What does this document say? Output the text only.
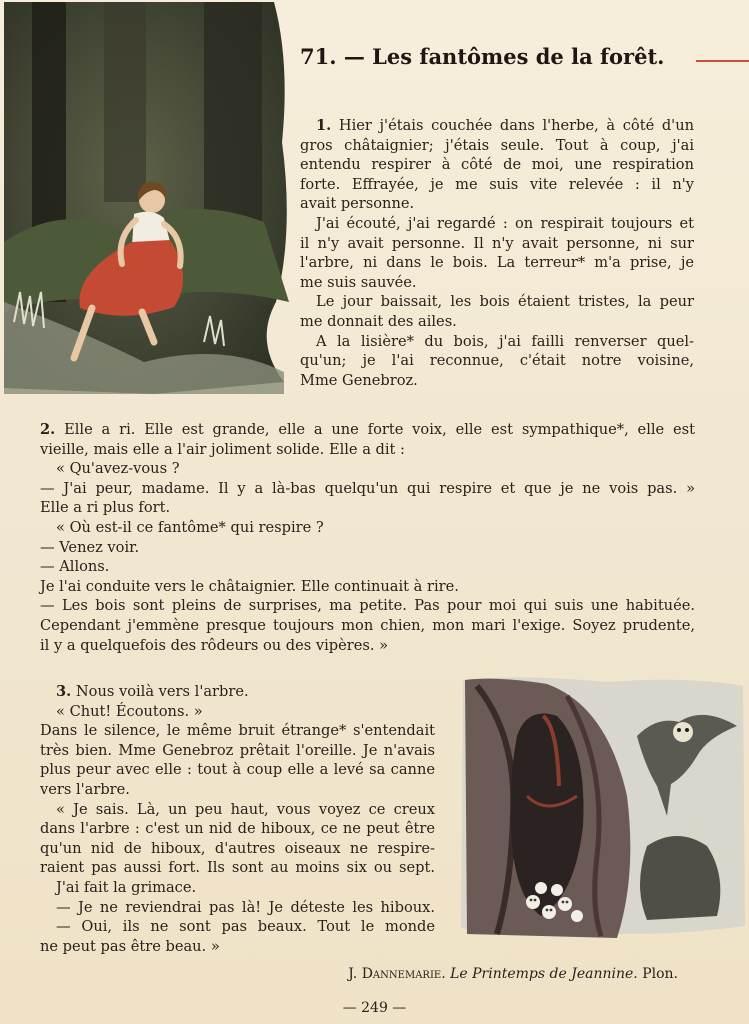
71. — Les fantômes de la forêt.
1. Hier j'étais couchée dans l'herbe, à côté d'un
gros châtaignier; j'étais seule. Tout à coup, j'ai
entendu respirer à côté de moi, une respiration
forte. Effrayée, je me suis vite relevée : il n'y
avait personne.
J'ai écouté, j'ai regardé : on respirait toujours et
il n'y avait personne. Il n'y avait personne, ni sur
l'arbre, ni dans le bois. La terreur* m'a prise, je
me suis sauvée.
Le jour baissait, les bois étaient tristes, la peur
me donnait des ailes.
A la lisière* du bois, j'ai failli renverser quel-
qu'un; je l'ai reconnue, c'était notre voisine,
Mme Genebroz.
2. Elle a ri. Elle est grande, elle a une forte voix, elle est sympathique*, elle est
vieille, mais elle a l'air joliment solide. Elle a dit :
« Qu'avez-vous ?
— J'ai peur, madame. Il y a là-bas quelqu'un qui respire et que je ne vois pas. »
Elle a ri plus fort.
« Où est-il ce fantôme* qui respire ?
— Venez voir.
— Allons.
Je l'ai conduite vers le châtaignier. Elle continuait à rire.
— Les bois sont pleins de surprises, ma petite. Pas pour moi qui suis une habituée.
Cependant j'emmène presque toujours mon chien, mon mari l'exige. Soyez prudente,
il y a quelquefois des rôdeurs ou des vipères. »
3. Nous voilà vers l'arbre.
« Chut! Écoutons. »
Dans le silence, le même bruit étrange* s'entendait
très bien. Mme Genebroz prêtait l'oreille. Je n'avais
plus peur avec elle : tout à coup elle a levé sa canne
vers l'arbre.
« Je sais. Là, un peu haut, vous voyez ce creux
dans l'arbre : c'est un nid de hiboux, ce ne peut être
qu'un nid de hiboux, d'autres oiseaux ne respire-
raient pas aussi fort. Ils sont au moins six ou sept.
J'ai fait la grimace.
— Je ne reviendrai pas là! Je déteste les hiboux.
— Oui, ils ne sont pas beaux. Tout le monde
ne peut pas être beau. »
J. Dannemarie. Le Printemps de Jeannine. Plon.
— 249 —
